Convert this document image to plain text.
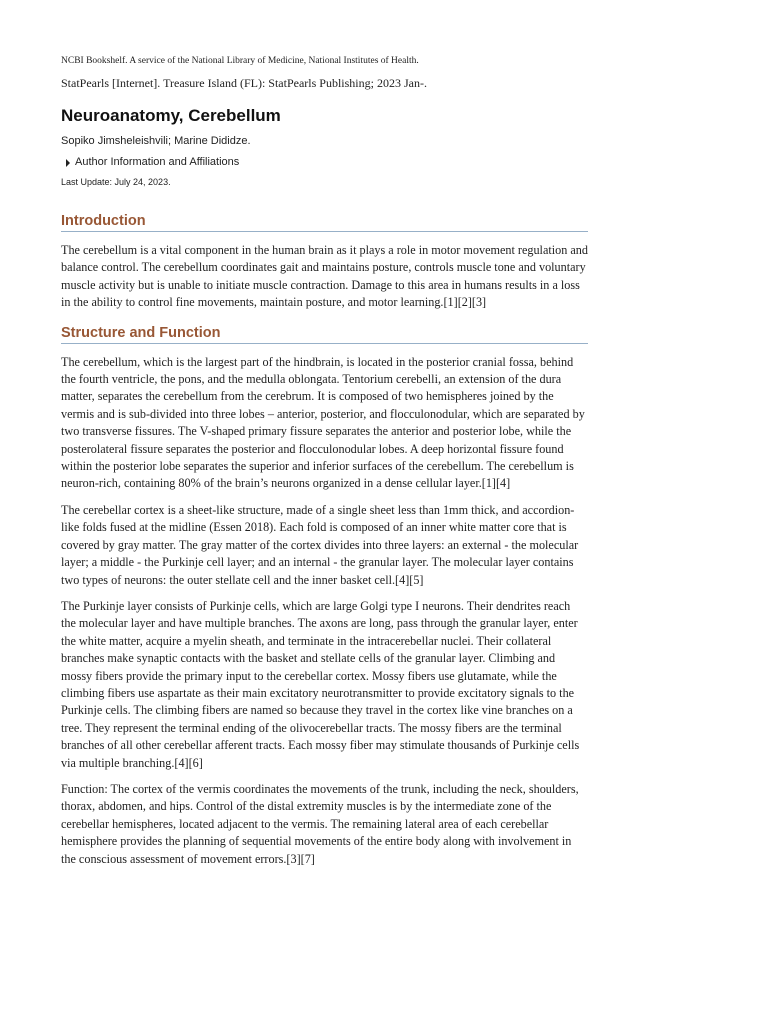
NCBI Bookshelf. A service of the National Library of Medicine, National Institutes of Health.

StatPearls [Internet]. Treasure Island (FL): StatPearls Publishing; 2023 Jan-.

Neuroanatomy, Cerebellum

Sopiko Jimsheleishvili; Marine Dididze.

Author Information and Affiliations

Last Update: July 24, 2023.

Introduction

The cerebellum is a vital component in the human brain as it plays a role in motor movement regulation and balance control. The cerebellum coordinates gait and maintains posture, controls muscle tone and voluntary muscle activity but is unable to initiate muscle contraction. Damage to this area in humans results in a loss in the ability to control fine movements, maintain posture, and motor learning.[1][2][3]

Structure and Function

The cerebellum, which is the largest part of the hindbrain, is located in the posterior cranial fossa, behind the fourth ventricle, the pons, and the medulla oblongata. Tentorium cerebelli, an extension of the dura matter, separates the cerebellum from the cerebrum. It is composed of two hemispheres joined by the vermis and is sub-divided into three lobes – anterior, posterior, and flocculonodular, which are separated by two transverse fissures. The V-shaped primary fissure separates the anterior and posterior lobe, while the posterolateral fissure separates the posterior and flocculonodular lobes. A deep horizontal fissure found within the posterior lobe separates the superior and inferior surfaces of the cerebellum. The cerebellum is neuron-rich, containing 80% of the brain’s neurons organized in a dense cellular layer.[1][4]

The cerebellar cortex is a sheet-like structure, made of a single sheet less than 1mm thick, and accordion-like folds fused at the midline (Essen 2018). Each fold is composed of an inner white matter core that is covered by gray matter. The gray matter of the cortex divides into three layers: an external - the molecular layer; a middle - the Purkinje cell layer; and an internal - the granular layer. The molecular layer contains two types of neurons: the outer stellate cell and the inner basket cell.[4][5]

The Purkinje layer consists of Purkinje cells, which are large Golgi type I neurons. Their dendrites reach the molecular layer and have multiple branches. The axons are long, pass through the granular layer, enter the white matter, acquire a myelin sheath, and terminate in the intracerebellar nuclei. Their collateral branches make synaptic contacts with the basket and stellate cells of the granular layer. Climbing and mossy fibers provide the primary input to the cerebellar cortex. Mossy fibers use glutamate, while the climbing fibers use aspartate as their main excitatory neurotransmitter to provide excitatory signals to the Purkinje cells. The climbing fibers are named so because they travel in the cortex like vine branches on a tree. They represent the terminal ending of the olivocerebellar tracts. The mossy fibers are the terminal branches of all other cerebellar afferent tracts. Each mossy fiber may stimulate thousands of Purkinje cells via multiple branching.[4][6]

Function: The cortex of the vermis coordinates the movements of the trunk, including the neck, shoulders, thorax, abdomen, and hips. Control of the distal extremity muscles is by the intermediate zone of the cerebellar hemispheres, located adjacent to the vermis. The remaining lateral area of each cerebellar hemisphere provides the planning of sequential movements of the entire body along with involvement in the conscious assessment of movement errors.[3][7]
